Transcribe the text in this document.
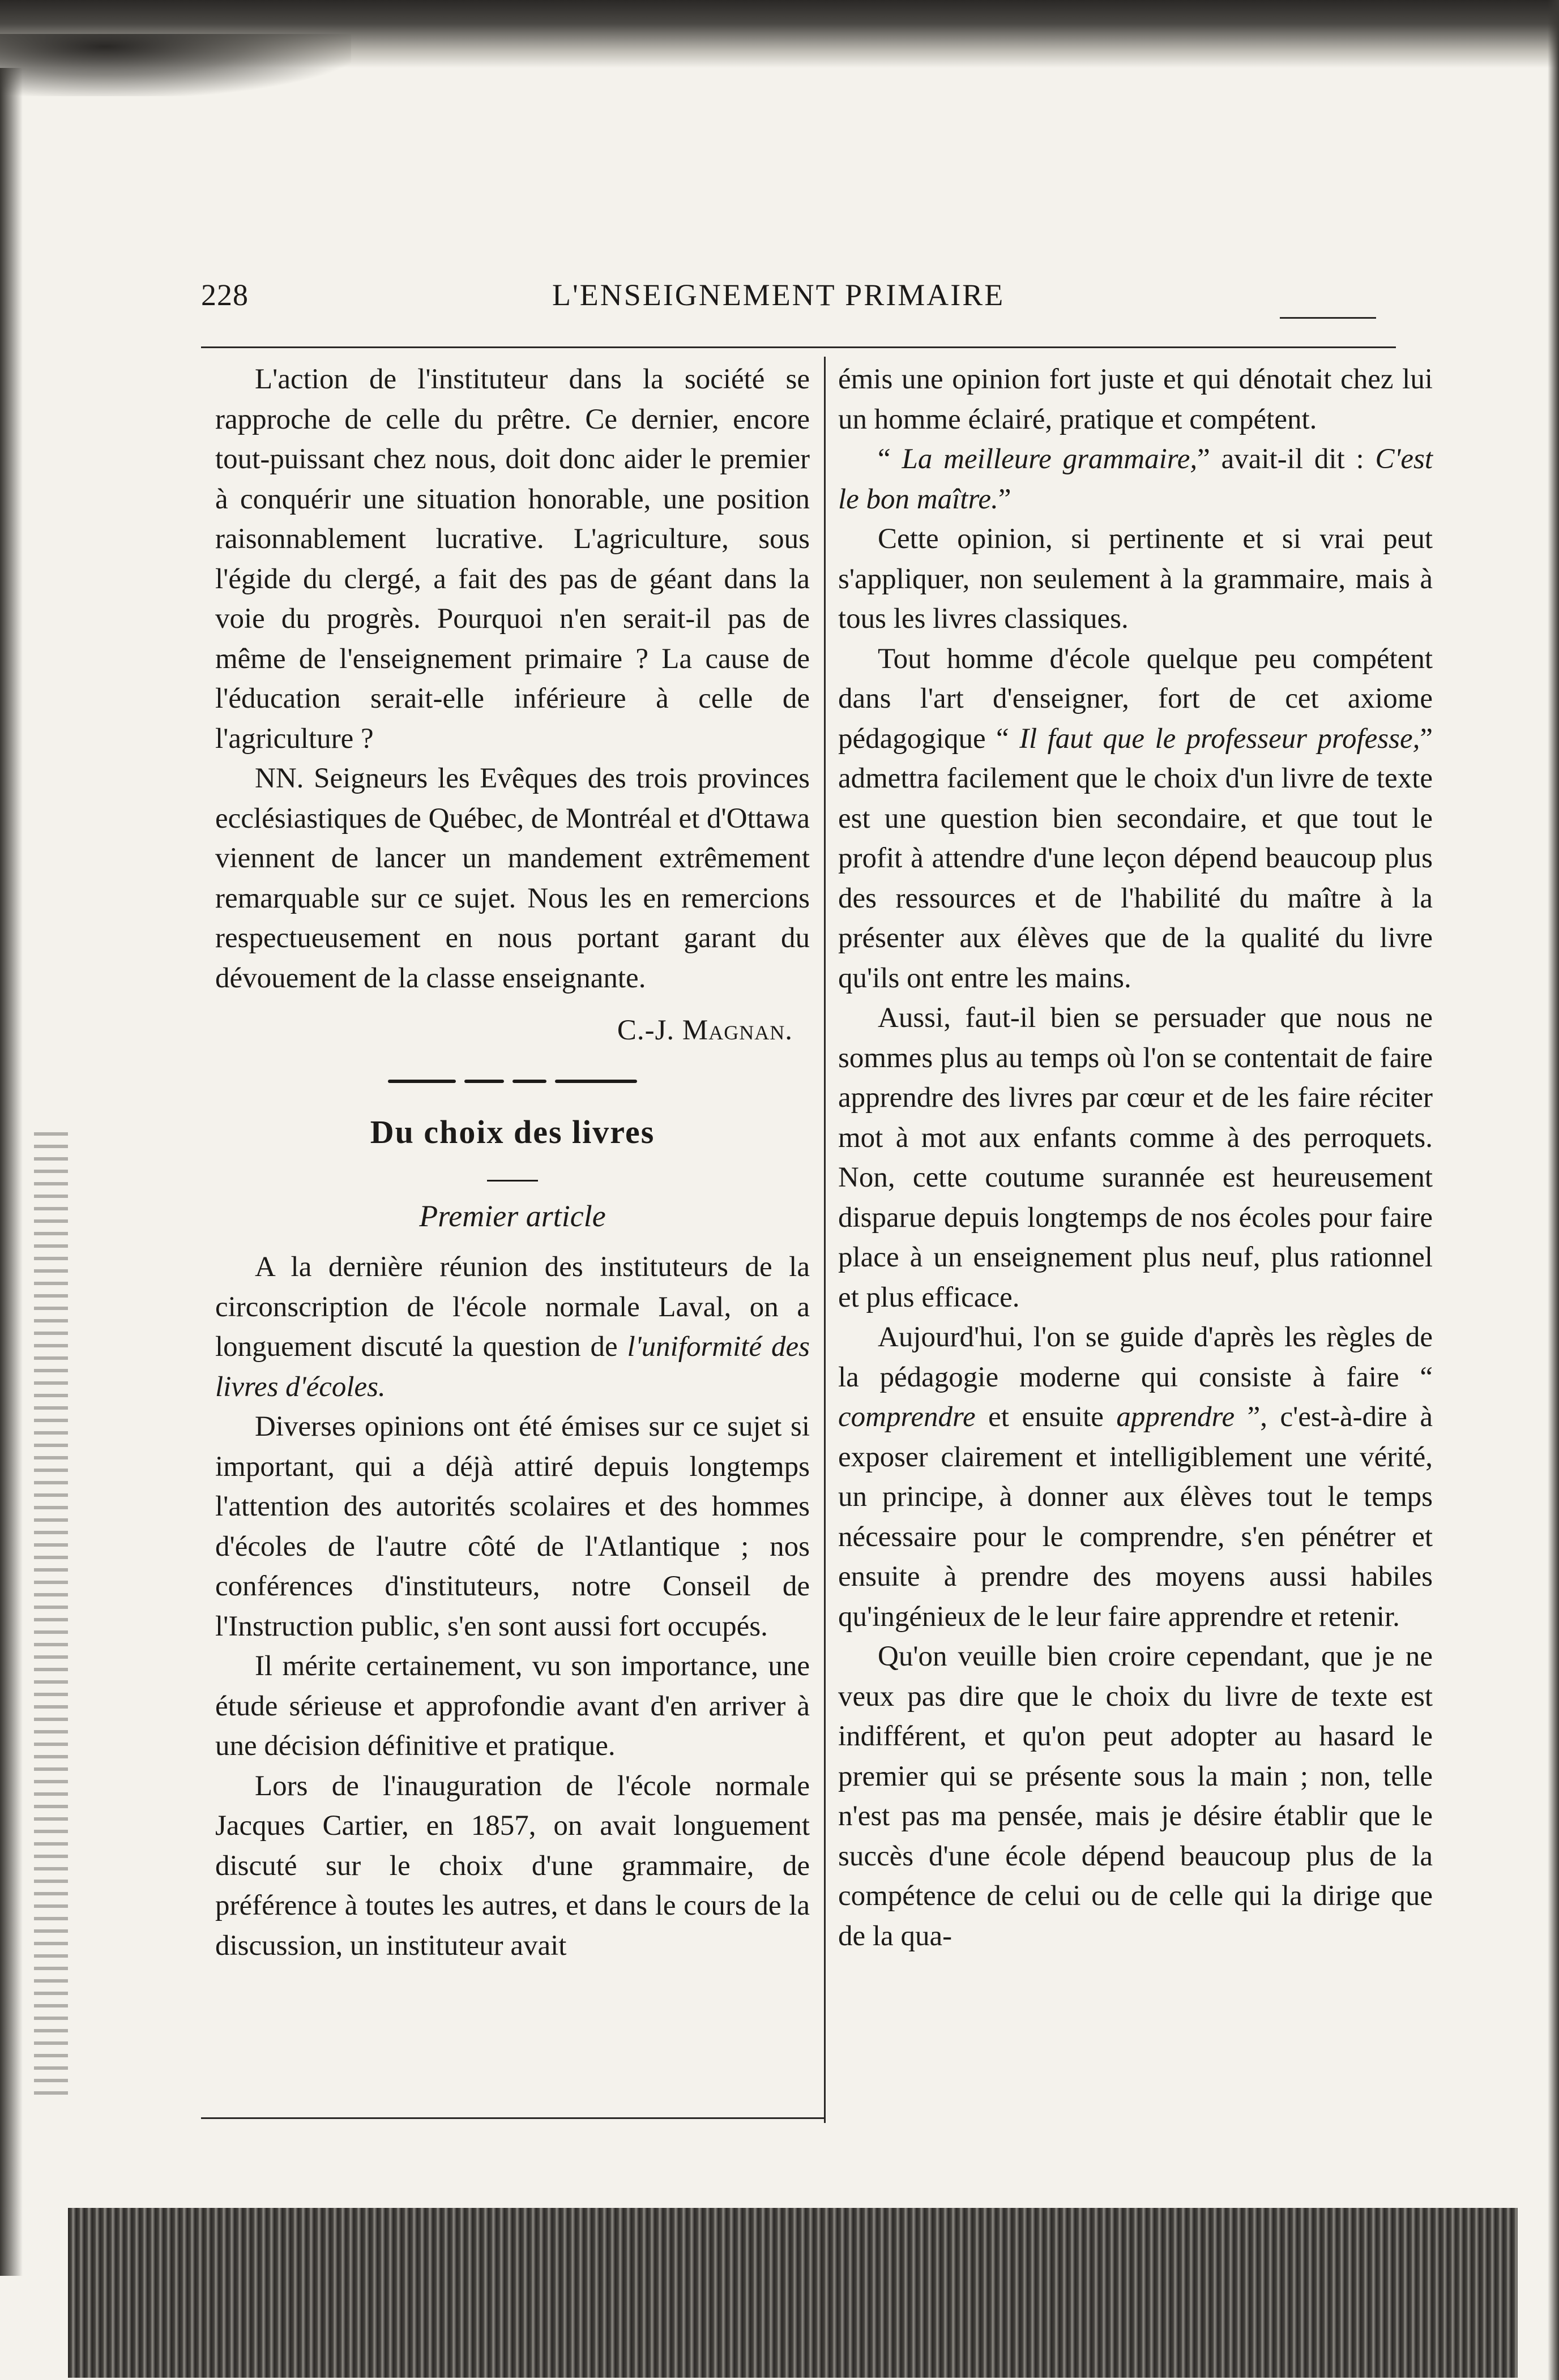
228	L'ENSEIGNEMENT PRIMAIRE

L'action de l'instituteur dans la société se rapproche de celle du prêtre. Ce dernier, encore tout-puissant chez nous, doit donc aider le premier à conquérir une situation honorable, une position raisonnablement lucrative. L'agriculture, sous l'égide du clergé, a fait des pas de géant dans la voie du progrès. Pourquoi n'en serait-il pas de même de l'enseignement primaire ? La cause de l'éducation serait-elle inférieure à celle de l'agriculture ?

NN. Seigneurs les Evêques des trois provinces ecclésiastiques de Québec, de Montréal et d'Ottawa viennent de lancer un mandement extrêmement remarquable sur ce sujet. Nous les en remercions respectueusement en nous portant garant du dévouement de la classe enseignante.

C.-J. Magnan.
Du choix des livres
Premier article

A la dernière réunion des instituteurs de la circonscription de l'école normale Laval, on a longuement discuté la question de l'uniformité des livres d'écoles.

Diverses opinions ont été émises sur ce sujet si important, qui a déjà attiré depuis longtemps l'attention des autorités scolaires et des hommes d'écoles de l'autre côté de l'Atlantique ; nos conférences d'instituteurs, notre Conseil de l'Instruction public, s'en sont aussi fort occupés.

Il mérite certainement, vu son importance, une étude sérieuse et approfondie avant d'en arriver à une décision définitive et pratique.

Lors de l'inauguration de l'école normale Jacques Cartier, en 1857, on avait longuement discuté sur le choix d'une grammaire, de préférence à toutes les autres, et dans le cours de la discussion, un instituteur avait

émis une opinion fort juste et qui dénotait chez lui un homme éclairé, pratique et compétent.

“ La meilleure grammaire,” avait-il dit : C'est le bon maître.”

Cette opinion, si pertinente et si vrai peut s'appliquer, non seulement à la grammaire, mais à tous les livres classiques.

Tout homme d'école quelque peu compétent dans l'art d'enseigner, fort de cet axiome pédagogique “ Il faut que le professeur professe,” admettra facilement que le choix d'un livre de texte est une question bien secondaire, et que tout le profit à attendre d'une leçon dépend beaucoup plus des ressources et de l'habilité du maître à la présenter aux élèves que de la qualité du livre qu'ils ont entre les mains.

Aussi, faut-il bien se persuader que nous ne sommes plus au temps où l'on se contentait de faire apprendre des livres par cœur et de les faire réciter mot à mot aux enfants comme à des perroquets. Non, cette coutume surannée est heureusement disparue depuis longtemps de nos écoles pour faire place à un enseignement plus neuf, plus rationnel et plus efficace.

Aujourd'hui, l'on se guide d'après les règles de la pédagogie moderne qui consiste à faire “ comprendre et ensuite apprendre ”, c'est-à-dire à exposer clairement et intelligiblement une vérité, un principe, à donner aux élèves tout le temps nécessaire pour le comprendre, s'en pénétrer et ensuite à prendre des moyens aussi habiles qu'ingénieux de le leur faire apprendre et retenir.

Qu'on veuille bien croire cependant, que je ne veux pas dire que le choix du livre de texte est indifférent, et qu'on peut adopter au hasard le premier qui se présente sous la main ; non, telle n'est pas ma pensée, mais je désire établir que le succès d'une école dépend beaucoup plus de la compétence de celui ou de celle qui la dirige que de la qua-
